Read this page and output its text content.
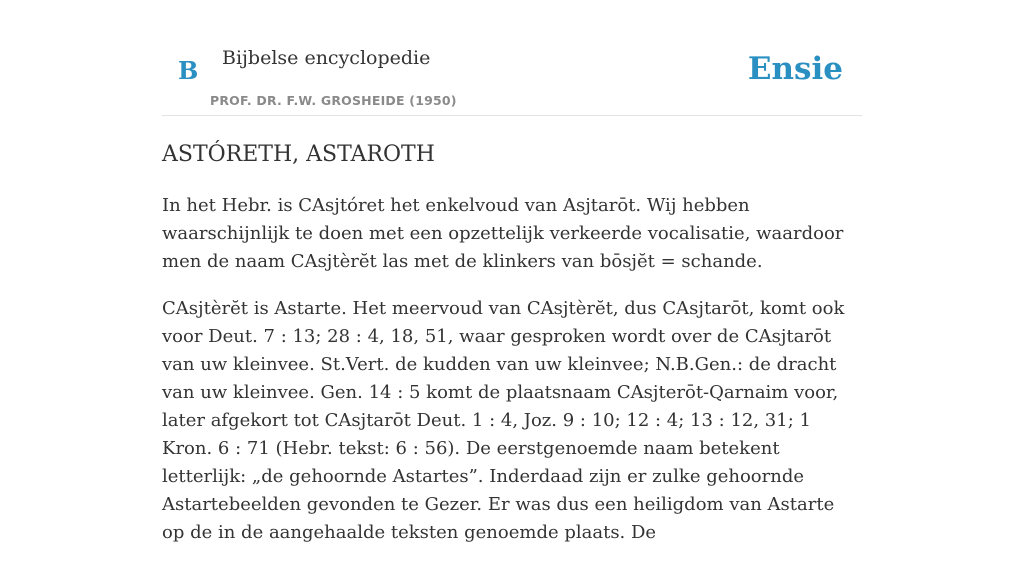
B Bijbelse encyclopedie
PROF. DR. F.W. GROSHEIDE (1950)
Ensie
ASTÓRETH, ASTAROTH

In het Hebr. is CAsjtóret het enkelvoud van Asjtarōt. Wij hebben waarschijnlijk te doen met een opzettelijk verkeerde vocalisatie, waardoor men de naam CAsjtèrĕt las met de klinkers van bōsjĕt = schande.

CAsjtèrĕt is Astarte. Het meervoud van CAsjtèrĕt, dus CAsjtarōt, komt ook voor Deut. 7 : 13; 28 : 4, 18, 51, waar gesproken wordt over de CAsjtarōt van uw kleinvee. St.Vert. de kudden van uw kleinvee; N.B.Gen.: de dracht van uw kleinvee. Gen. 14 : 5 komt de plaatsnaam CAsjterōt-Qarnaim voor, later afgekort tot CAsjtarōt Deut. 1 : 4, Joz. 9 : 10; 12 : 4; 13 : 12, 31; 1 Kron. 6 : 71 (Hebr. tekst: 6 : 56). De eerstgenoemde naam betekent letterlijk: „de gehoornde Astartes”. Inderdaad zijn er zulke gehoornde Astartebeelden gevonden te Gezer. Er was dus een heiligdom van Astarte op de in de aangehaalde teksten genoemde plaats. De
